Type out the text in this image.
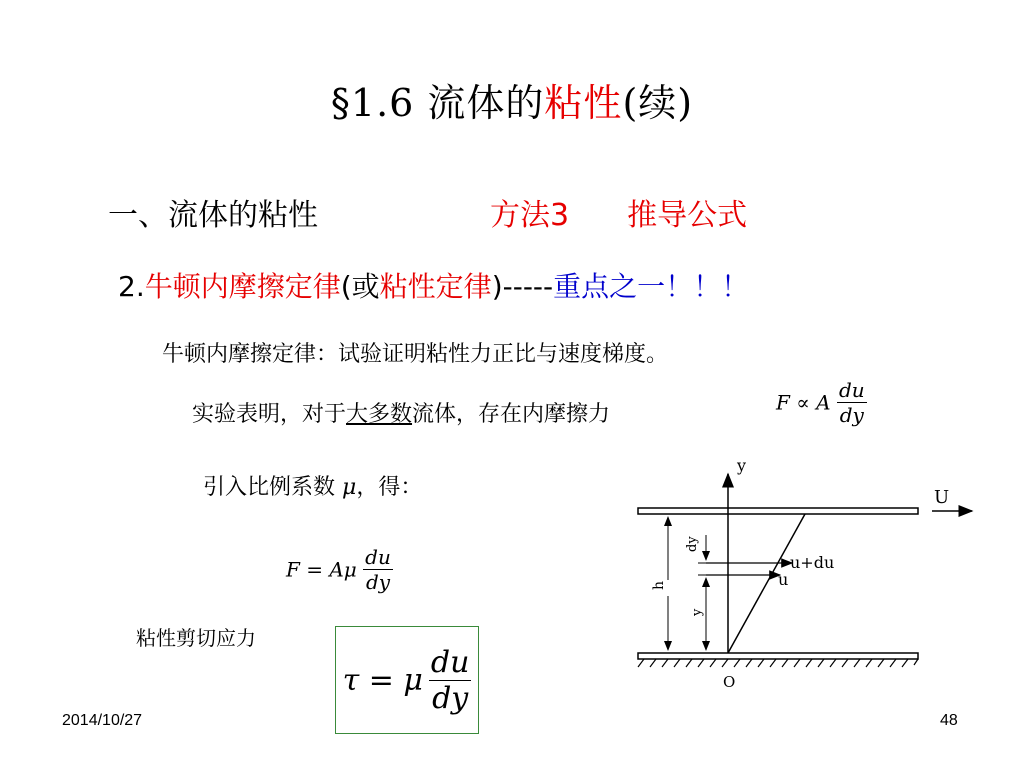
§1.6 流体的粘性(续)
一、流体的粘性	方法3 推导公式
2.牛顿内摩擦定律(或粘性定律)-----重点之一！！！
牛顿内摩擦定律：试验证明粘性力正比与速度梯度。
实验表明，对于大多数流体，存在内摩擦力	F ∝ A $\frac{du}{dy}$
引入比例系数 μ，得：
F = Aμ $\frac{du}{dy}$
粘性剪切应力
τ = μ $\frac{du}{dy}$
y
U
dy
h
y
u+du
u
O
2014/10/27	48
